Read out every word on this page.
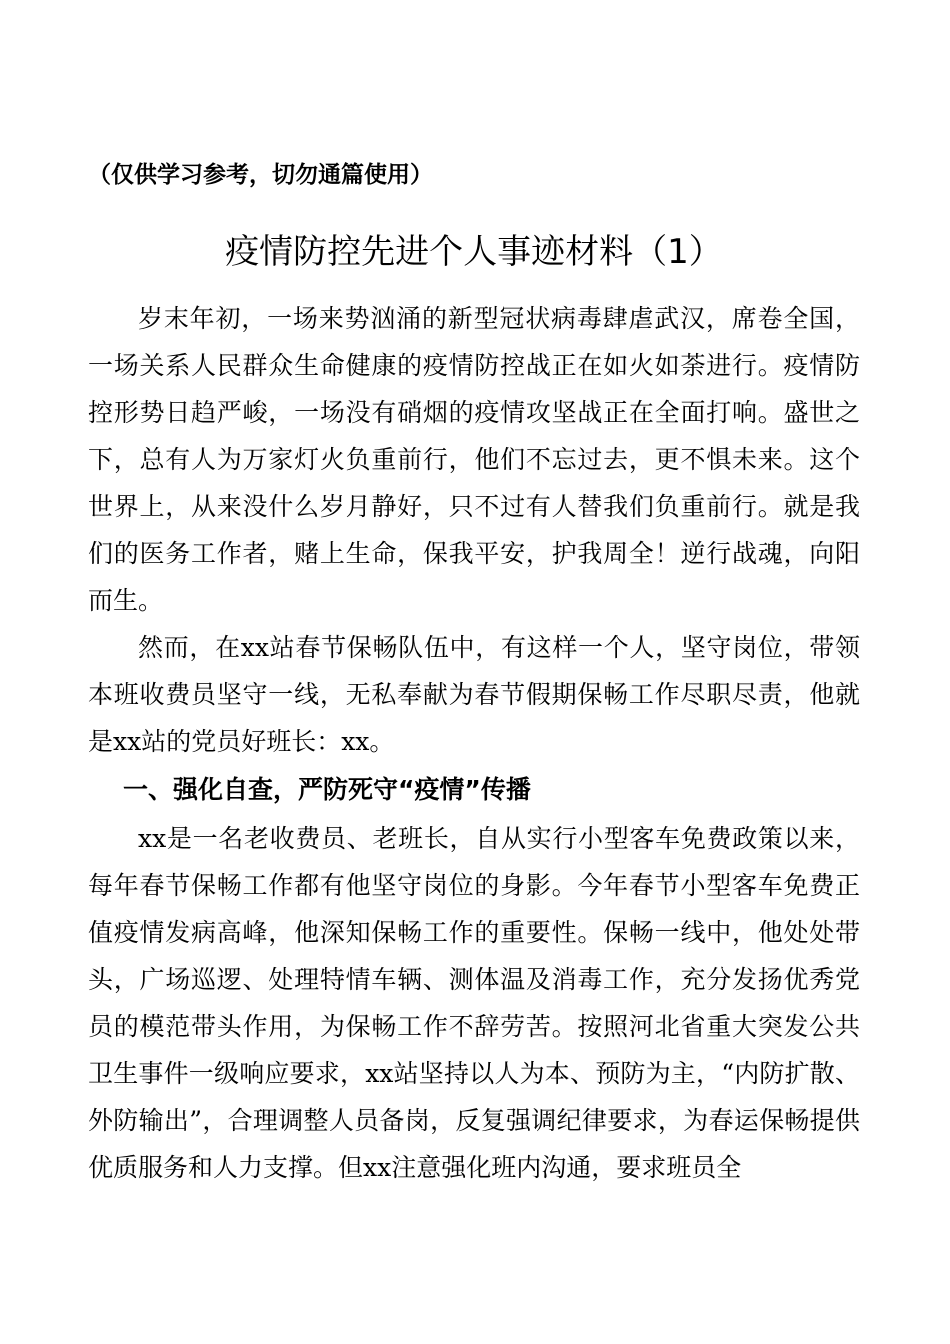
（仅供学习参考，切勿通篇使用）
疫情防控先进个人事迹材料（1）

岁末年初，一场来势汹涌的新型冠状病毒肆虐武汉，席卷全国，一场关系人民群众生命健康的疫情防控战正在如火如荼进行。疫情防控形势日趋严峻，一场没有硝烟的疫情攻坚战正在全面打响。盛世之下，总有人为万家灯火负重前行，他们不忘过去，更不惧未来。这个世界上，从来没什么岁月静好，只不过有人替我们负重前行。就是我们的医务工作者，赌上生命，保我平安，护我周全！逆行战魂，向阳而生。

然而，在xx站春节保畅队伍中，有这样一个人，坚守岗位，带领本班收费员坚守一线，无私奉献为春节假期保畅工作尽职尽责，他就是xx站的党员好班长：xx。

一、强化自查，严防死守“疫情”传播

xx是一名老收费员、老班长，自从实行小型客车免费政策以来，每年春节保畅工作都有他坚守岗位的身影。今年春节小型客车免费正值疫情发病高峰，他深知保畅工作的重要性。保畅一线中，他处处带头，广场巡逻、处理特情车辆、测体温及消毒工作，充分发扬优秀党员的模范带头作用，为保畅工作不辞劳苦。按照河北省重大突发公共卫生事件一级响应要求，xx站坚持以人为本、预防为主，“内防扩散、外防输出”，合理调整人员备岗，反复强调纪律要求，为春运保畅提供优质服务和人力支撑。但xx注意强化班内沟通，要求班员全
